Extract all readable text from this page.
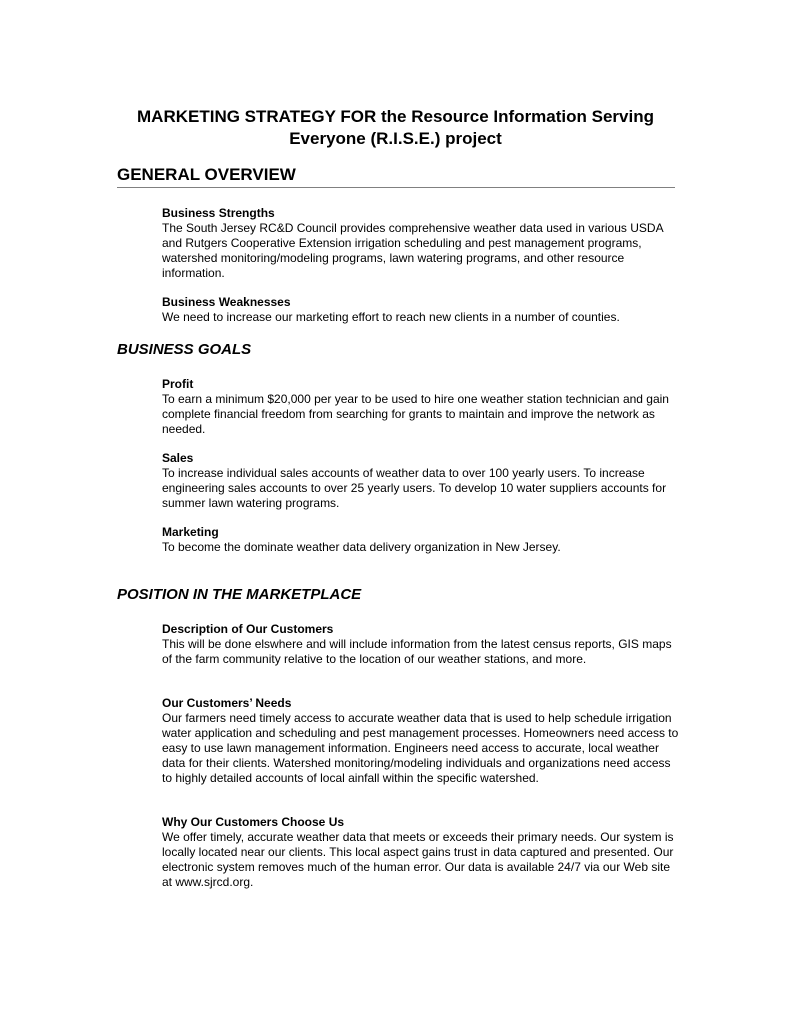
MARKETING STRATEGY FOR the Resource Information Serving Everyone (R.I.S.E.) project
GENERAL OVERVIEW
Business Strengths
The South Jersey RC&D Council provides comprehensive weather data used in various USDA and Rutgers Cooperative Extension irrigation scheduling and pest management programs, watershed monitoring/modeling programs, lawn watering programs, and other resource information.
Business Weaknesses
We need to increase our marketing effort to reach new clients in a number of counties.
BUSINESS GOALS
Profit
To earn a minimum $20,000 per year to be used to hire one weather station technician and gain complete financial freedom from searching for grants to maintain and improve the network as needed.
Sales
To increase individual sales accounts of weather data to over 100 yearly users. To increase engineering sales accounts to over 25 yearly users. To develop 10 water suppliers accounts for summer lawn watering programs.
Marketing
To become the dominate weather data delivery organization in New Jersey.
POSITION IN THE MARKETPLACE
Description of Our Customers
This will be done elswhere and will include information from the latest census reports, GIS maps of the farm community relative to the location of our weather stations, and more.
Our Customers’ Needs
Our farmers need timely access to accurate weather data that is used to help schedule irrigation water application and scheduling and pest management processes. Homeowners need access to easy to use lawn management information. Engineers need access to accurate, local weather data for their clients. Watershed monitoring/modeling individuals and organizations need access to highly detailed accounts of local ainfall within the specific watershed.
Why Our Customers Choose Us
We offer timely, accurate weather data that meets or exceeds their primary needs. Our system is locally located near our clients. This local aspect gains trust in data captured and presented. Our electronic system removes much of the human error. Our data is available 24/7 via our Web site at www.sjrcd.org.
